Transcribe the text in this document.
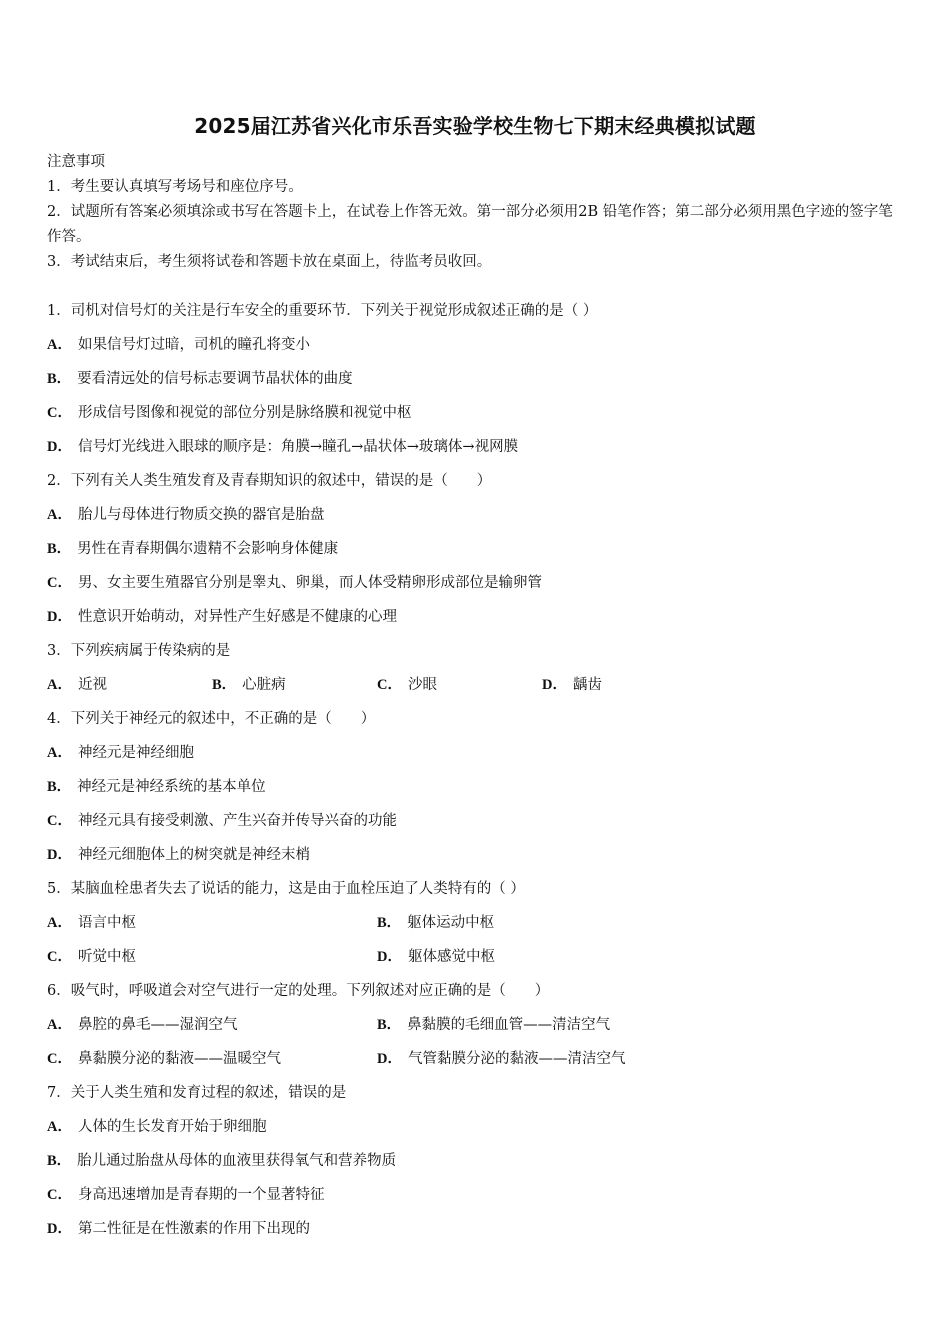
2025届江苏省兴化市乐吾实验学校生物七下期末经典模拟试题
注意事项
1．考生要认真填写考场号和座位序号。
2．试题所有答案必须填涂或书写在答题卡上，在试卷上作答无效。第一部分必须用2B 铅笔作答；第二部分必须用黑色字迹的签字笔作答。
3．考试结束后，考生须将试卷和答题卡放在桌面上，待监考员收回。
1．司机对信号灯的关注是行车安全的重要环节．下列关于视觉形成叙述正确的是（ ）
A． 如果信号灯过暗，司机的瞳孔将变小
B． 要看清远处的信号标志要调节晶状体的曲度
C． 形成信号图像和视觉的部位分别是脉络膜和视觉中枢
D． 信号灯光线进入眼球的顺序是：角膜→瞳孔→晶状体→玻璃体→视网膜
2．下列有关人类生殖发育及青春期知识的叙述中，错误的是（　　）
A． 胎儿与母体进行物质交换的器官是胎盘
B． 男性在青春期偶尔遗精不会影响身体健康
C． 男、女主要生殖器官分别是睾丸、卵巢，而人体受精卵形成部位是输卵管
D． 性意识开始萌动，对异性产生好感是不健康的心理
3．下列疾病属于传染病的是
A． 近视	B． 心脏病	C． 沙眼	D． 龋齿
4．下列关于神经元的叙述中，不正确的是（　　）
A． 神经元是神经细胞
B． 神经元是神经系统的基本单位
C． 神经元具有接受刺激、产生兴奋并传导兴奋的功能
D． 神经元细胞体上的树突就是神经末梢
5．某脑血栓患者失去了说话的能力，这是由于血栓压迫了人类特有的（ ）
A． 语言中枢	B． 躯体运动中枢
C． 听觉中枢	D． 躯体感觉中枢
6．吸气时，呼吸道会对空气进行一定的处理。下列叙述对应正确的是（　　）
A． 鼻腔的鼻毛——湿润空气	B． 鼻黏膜的毛细血管——清洁空气
C． 鼻黏膜分泌的黏液——温暖空气	D． 气管黏膜分泌的黏液——清洁空气
7．关于人类生殖和发育过程的叙述，错误的是
A． 人体的生长发育开始于卵细胞
B． 胎儿通过胎盘从母体的血液里获得氧气和营养物质
C． 身高迅速增加是青春期的一个显著特征
D． 第二性征是在性激素的作用下出现的
